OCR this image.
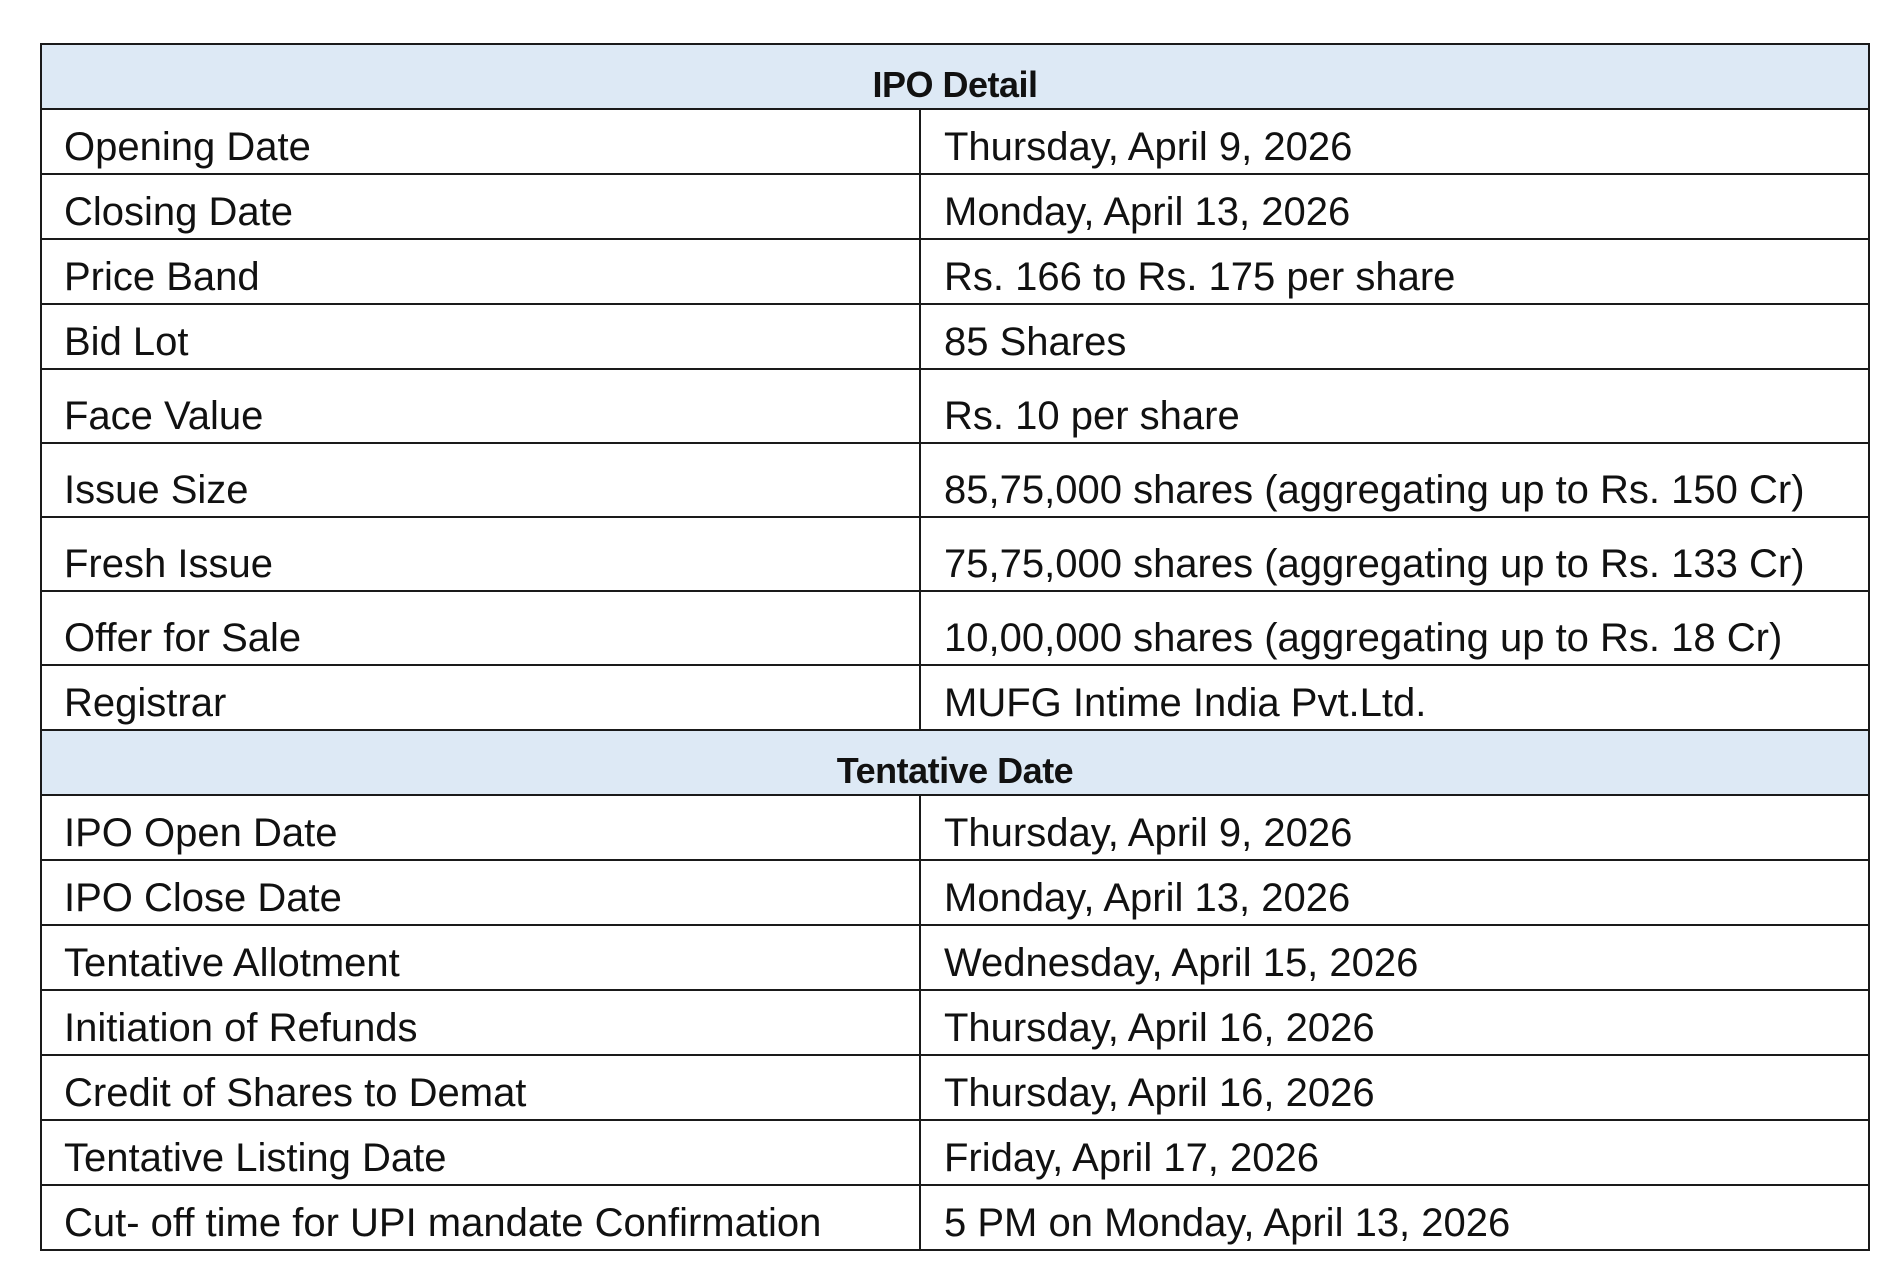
IPO Detail	
Opening Date	Thursday, April 9, 2026
Closing Date	Monday, April 13, 2026
Price Band	Rs. 166 to Rs. 175 per share
Bid Lot	85 Shares
Face Value	Rs. 10 per share
Issue Size	85,75,000 shares (aggregating up to Rs. 150 Cr)
Fresh Issue	75,75,000 shares (aggregating up to Rs. 133 Cr)
Offer for Sale	10,00,000 shares (aggregating up to Rs. 18 Cr)
Registrar	MUFG Intime India Pvt.Ltd.
Tentative Date	
IPO Open Date	Thursday, April 9, 2026
IPO Close Date	Monday, April 13, 2026
Tentative Allotment	Wednesday, April 15, 2026
Initiation of Refunds	Thursday, April 16, 2026
Credit of Shares to Demat	Thursday, April 16, 2026
Tentative Listing Date	Friday, April 17, 2026
Cut- off time for UPI mandate Confirmation	5 PM on Monday, April 13, 2026
